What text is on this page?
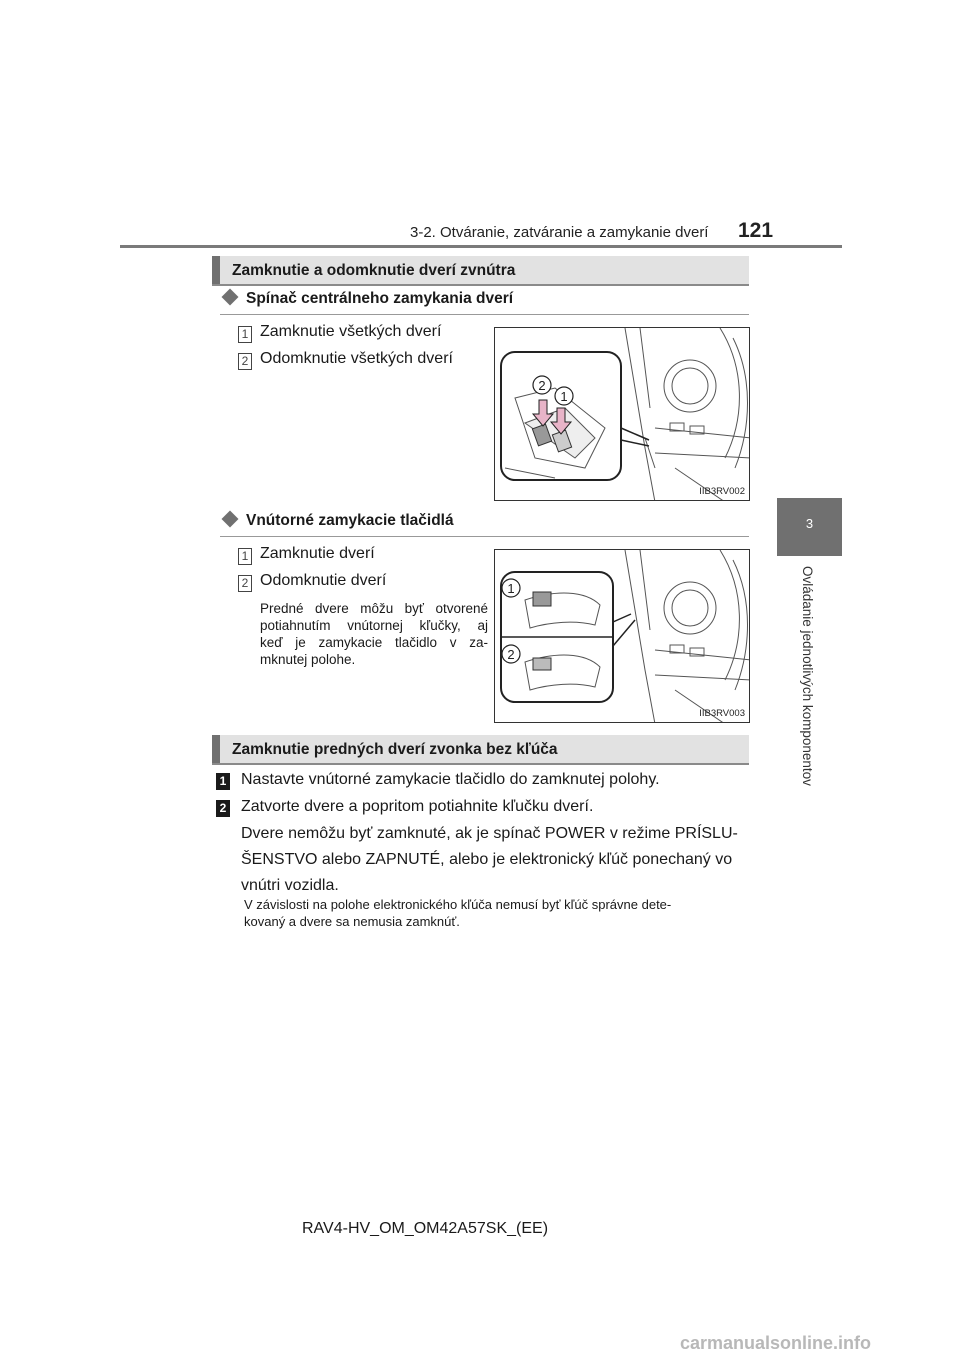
3-2. Otváranie, zatváranie a zamykanie dverí 121
3
Ovládanie jednotlivých komponentov
Zamknutie a odomknutie dverí zvnútra
Spínač centrálneho zamykania dverí
1 Zamknutie všetkých dverí
2 Odomknutie všetkých dverí
2
1
IIB3RV002
Vnútorné zamykacie tlačidlá
1 Zamknutie dverí
2 Odomknutie dverí
Predné dvere môžu byť otvorené
potiahnutím vnútornej kľučky, aj
keď je zamykacie tlačidlo v za-
mknutej polohe.
1
2
IIB3RV003
Zamknutie predných dverí zvonka bez kľúča
1 Nastavte vnútorné zamykacie tlačidlo do zamknutej polohy.
2 Zatvorte dvere a popritom potiahnite kľučku dverí.
Dvere nemôžu byť zamknuté, ak je spínač POWER v režime PRÍSLU-
ŠENSTVO alebo ZAPNUTÉ, alebo je elektronický kľúč ponechaný vo
vnútri vozidla.
V závislosti na polohe elektronického kľúča nemusí byť kľúč správne dete-
kovaný a dvere sa nemusia zamknúť.
RAV4-HV_OM_OM42A57SK_(EE)
carmanualsonline.info
